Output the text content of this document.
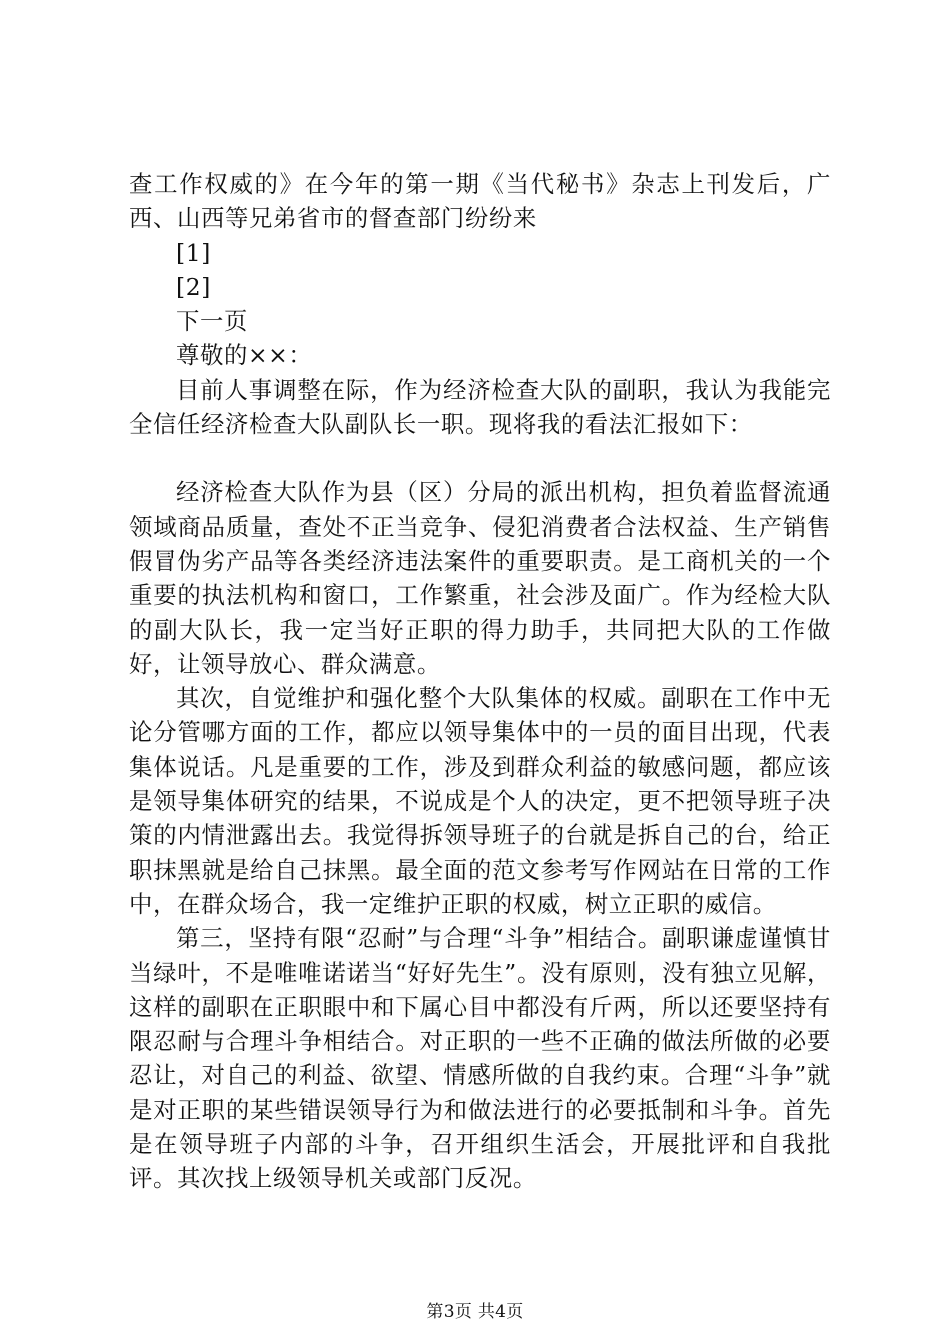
查工作权威的》在今年的第一期《当代秘书》杂志上刊发后，广西、山西等兄弟省市的督查部门纷纷来

[1]

[2]

下一页

尊敬的××：

目前人事调整在际，作为经济检查大队的副职，我认为我能完全信任经济检查大队副队长一职。现将我的看法汇报如下：

经济检查大队作为县（区）分局的派出机构，担负着监督流通领域商品质量，查处不正当竞争、侵犯消费者合法权益、生产销售假冒伪劣产品等各类经济违法案件的重要职责。是工商机关的一个重要的执法机构和窗口，工作繁重，社会涉及面广。作为经检大队的副大队长，我一定当好正职的得力助手，共同把大队的工作做好，让领导放心、群众满意。

其次，自觉维护和强化整个大队集体的权威。副职在工作中无论分管哪方面的工作，都应以领导集体中的一员的面目出现，代表集体说话。凡是重要的工作，涉及到群众利益的敏感问题，都应该是领导集体研究的结果，不说成是个人的决定，更不把领导班子决策的内情泄露出去。我觉得拆领导班子的台就是拆自己的台，给正职抹黑就是给自己抹黑。最全面的范文参考写作网站在日常的工作中，在群众场合，我一定维护正职的权威，树立正职的威信。

第三，坚持有限“忍耐”与合理“斗争”相结合。副职谦虚谨慎甘当绿叶，不是唯唯诺诺当“好好先生”。没有原则，没有独立见解，这样的副职在正职眼中和下属心目中都没有斤两，所以还要坚持有限忍耐与合理斗争相结合。对正职的一些不正确的做法所做的必要忍让，对自己的利益、欲望、情感所做的自我约束。合理“斗争”就是对正职的某些错误领导行为和做法进行的必要抵制和斗争。首先是在领导班子内部的斗争，召开组织生活会，开展批评和自我批评。其次找上级领导机关或部门反况。

第3页 共4页
